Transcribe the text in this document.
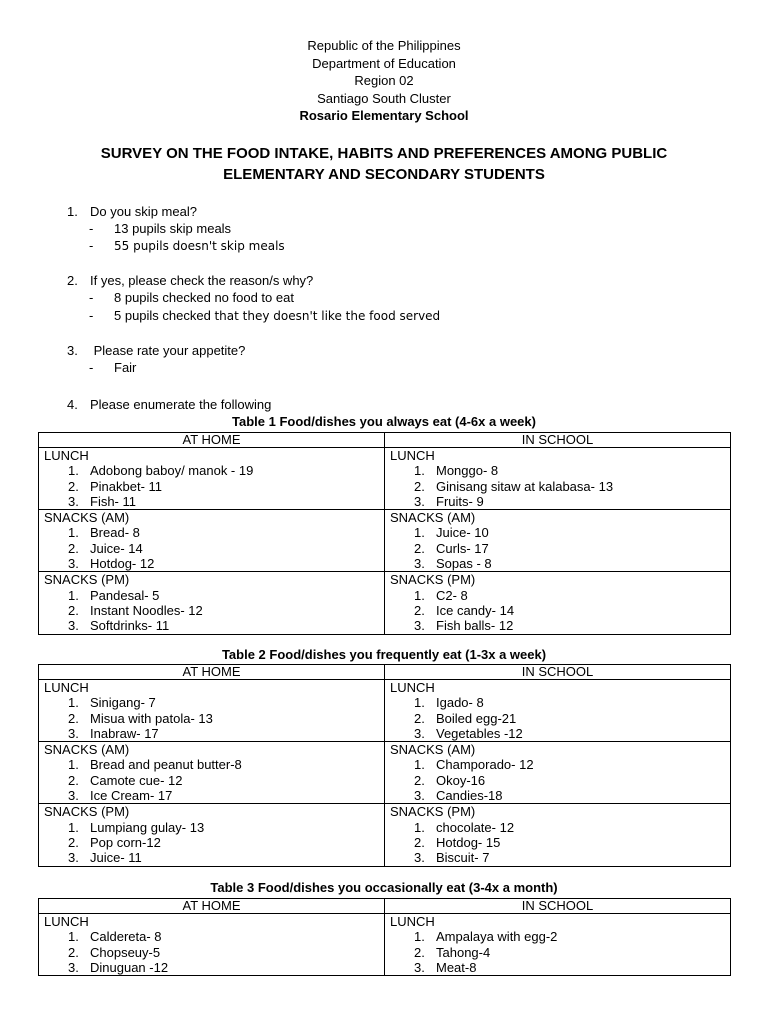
Republic of the Philippines
Department of Education
Region 02
Santiago South Cluster
Rosario Elementary School
SURVEY ON THE FOOD INTAKE, HABITS AND PREFERENCES AMONG PUBLIC
ELEMENTARY AND SECONDARY STUDENTS
1. Do you skip meal?
- 13 pupils skip meals
- 55 pupils doesn't skip meals
2. If yes, please check the reason/s why?
- 8 pupils checked no food to eat
- 5 pupils checked that they doesn't like the food served
3. Please rate your appetite?
- Fair
4. Please enumerate the following
Table 1 Food/dishes you always eat (4-6x a week)
AT HOME	IN SCHOOL

LUNCH
1. Adobong baboy/ manok - 19
2. Pinakbet- 11
3. Fish- 11	LUNCH
1. Monggo- 8
2. Ginisang sitaw at kalabasa- 13
3. Fruits- 9

SNACKS (AM)
1. Bread- 8
2. Juice- 14
3. Hotdog- 12	SNACKS (AM)
1. Juice- 10
2. Curls- 17
3. Sopas - 8

SNACKS (PM)
1. Pandesal- 5
2. Instant Noodles- 12
3. Softdrinks- 11	SNACKS (PM)
1. C2- 8
2. Ice candy- 14
3. Fish balls- 12
Table 2 Food/dishes you frequently eat (1-3x a week)
AT HOME	IN SCHOOL

LUNCH
1. Sinigang- 7
2. Misua with patola- 13
3. Inabraw- 17	LUNCH
1. Igado- 8
2. Boiled egg-21
3. Vegetables -12

SNACKS (AM)
1. Bread and peanut butter-8
2. Camote cue- 12
3. Ice Cream- 17	SNACKS (AM)
1. Champorado- 12
2. Okoy-16
3. Candies-18

SNACKS (PM)
1. Lumpiang gulay- 13
2. Pop corn-12
3. Juice- 11	SNACKS (PM)
1. chocolate- 12
2. Hotdog- 15
3. Biscuit- 7
Table 3 Food/dishes you occasionally eat (3-4x a month)
AT HOME	IN SCHOOL

LUNCH
1. Caldereta- 8
2. Chopseuy-5
3. Dinuguan -12	LUNCH
1. Ampalaya with egg-2
2. Tahong-4
3. Meat-8
